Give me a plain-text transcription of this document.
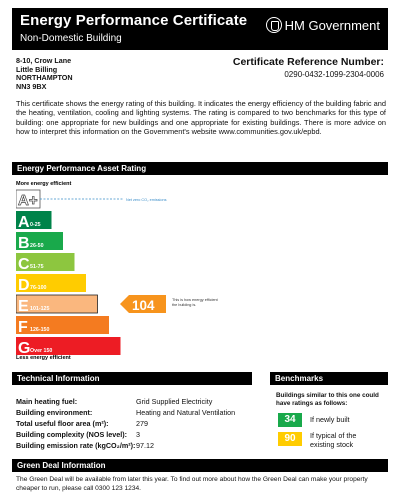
Energy Performance Certificate
Non-Domestic Building
HM Government
8-10, Crow Lane
Little Billing
NORTHAMPTON
NN3 9BX
Certificate Reference Number:
0290-0432-1099-2304-0006
This certificate shows the energy rating of this building. It indicates the energy efficiency of the building fabric and the heating, ventilation, cooling and lighting systems. The rating is compared to two benchmarks for this type of building: one appropriate for new buildings and one appropriate for existing buildings. There is more advice on how to interpret this information on the Government's website www.communities.gov.uk/epbd.
Energy Performance Asset Rating
More energy efficient
A+	Net zero CO₂ emissions
A 0-25
B 26-50
C 51-75
D 76-100
E 101-125
F 126-150
G Over 150
Less energy efficient
104	This is how energy efficient
the building is.
Technical Information
Main heating fuel:	Grid Supplied Electricity
Building environment:	Heating and Natural Ventilation
Total useful floor area (m²):	279
Building complexity (NOS level): 3
Building emission rate (kgCO₂/m²): 97.12
Benchmarks
Buildings similar to this one could have ratings as follows:
34	If newly built
90	If typical of the
existing stock
Green Deal Information
The Green Deal will be available from later this year. To find out more about how the Green Deal can make your property cheaper to run, please call 0300 123 1234.
